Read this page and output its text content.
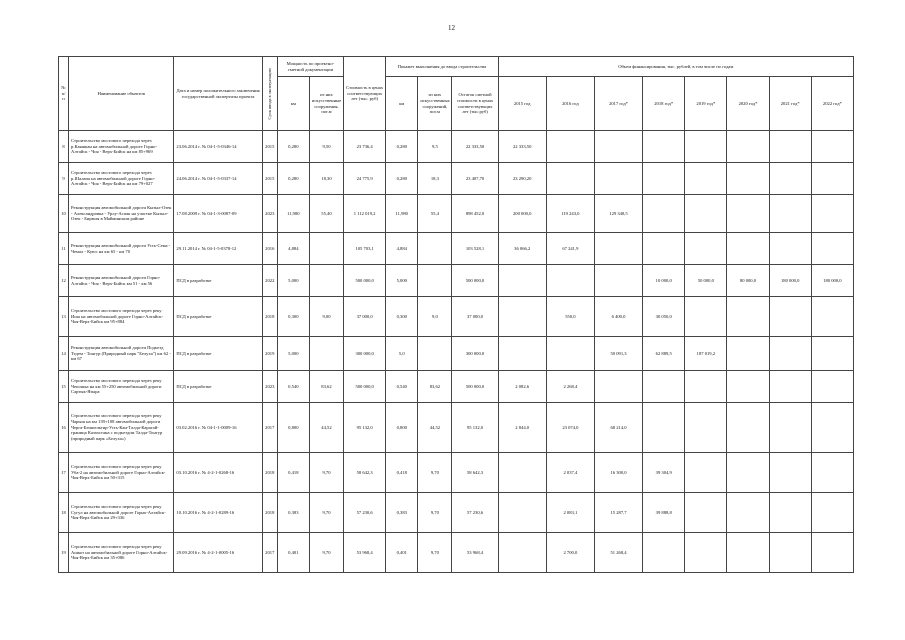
12
№ п/п	Наименование объектов	Дата и номер положительного заключения государственной экспертизы проекта	Срок ввода в эксплуатацию	Мощность по проектно-сметной документации		Стоимость в ценах соответствующих лет (тыс. руб)	Покажет выполнения до ввода строительства			Объем финансирования, тыс. рублей, в том числе по годам							
				км	из них искусственные сооружения, пог.м		км	из них искусственных сооружений, пог.м	Остаток сметной стоимости в ценах соответствующих лет (тыс.руб)	2015 год	2016 год	2017 год*	2018 год*	2019 год*	2020 год*	2021 год*	2022 год*
8	Строительство мостового перехода через р.Каяшкан на автомобильной дороге Горно-Алтайск - Чоя - Верх-Бийск на км 85+969	23.06.2014 г. № 04-1-5-0346-14	2015	0,280	9,50	23 736,4	0,280	9,5	22 333,50	22 333,50							
9	Строительство мостового перехода через р.Шалапа на автомобильной дороге Горно-Алтайск - Чоя - Верх-Бийск на км 79+027	24.06.2014 г. № 04-1-5-0337-14	2015	0,280	18,30	24 775,9	0,280	18,3	23 407,70	23 290,20							
10	Реконструкция автомобильной дороги Кызыл-Озек - Александровка - Урлу-Аспак на участке Кызыл-Озек - Бирюля в Майминском районе	17.08.2009 г. № 04-1-3-0087-09	2023	11,980	55,40	1 112 019,2	11,980	55,4	898 452,0	200 000,0	119 243,0	129 348,5					
11	Реконструкция автомобильной дороги Усть-Сема - Чемал - Куюс на км 65 - км 70	29.11.2014 г. № 04-1-5-0378-12	2016	4,884		105 703,1	4,884		103 528,1	36 066,2	67 241,9						
12	Реконструкция автомобильной дороги Горно-Алтайск - Чоя - Верх-Бийск км 51 - км 56	ПСД в разработке	2022	5,000		500 000,0	5,000		500 000,0				10 000,0	50 000,0	80 000,0	180 000,0	180 000,0
13	Строительство мостового перехода через реку Иша на автомобильной дороге Горно-Алтайск-Чоя-Верх-Бийск км 95+884	ПСД в разработке	2018	0,300	9,00	37 000,0	0,300	9,0	37 000,0		550,0	6 400,0	30 050,0				
14	Реконструкция автомобильной дороги Подъезд Тедем - Тонгур (Природный парк "Белуха") км 62 - км 67	ПСД в разработке	2019	5,000		300 000,0	5,0		300 000,0			50 091,3	62 889,5	187 019,2			
15	Строительство мостового перехода через реку Чепошка на км 55+250 автомобильной дороги Сартык-Языра	ПСД в разработке	2023	0,540	83,62	500 000,0	0,540	83,62	500 000,0	2 082,6	2 268,4						
16	Строительство мостового перехода через реку Чарыш на км 139+108 автомобильной дороги Черга-Бешпельтир-Усть-Кан-Талда-Карагай-граница Казахстана с подъездом Талда-Тонгур (природный парк «Белуха»)	03.02.2016 г. № 04-1-1-0009-16	2017	0,800	44,52	95 132,0	0,800	44,52	95 132,0	2 844,0	23 074,0	68 214,0					
17	Строительство мостового перехода через реку Уба-2 на автомобильной дороге Горно-Алтайск-Чоя-Верх-Бийск км 50+315	03.10.2016 г. № 4-2-1-0268-16	2018	0,418	9,70	58 642,3	0,418	9,70	58 642,3		2 037,4	16 300,0	39 304,9				
18	Строительство мостового перехода через реку Сугул на автомобильной дороге Горно-Алтайск-Чоя-Верх-Бийск км 29+336	10.10.2016 г. № 4-2-1-0289-16	2018	0,383	9,70	57 230,6	0,383	9,70	57 230,6		2 083,1	15 287,7	39 888,8				
19	Строительство мостового перехода через реку Ашкот на автомобильной дороге Горно-Алтайск-Чоя-Верх-Бийск км 35+086	29.09.2016 г. № 4-2-1-0005-16	2017	0,401	9,70	53 968,4	0,401	9,70	53 968,4		2 700,0	51 268,4					
